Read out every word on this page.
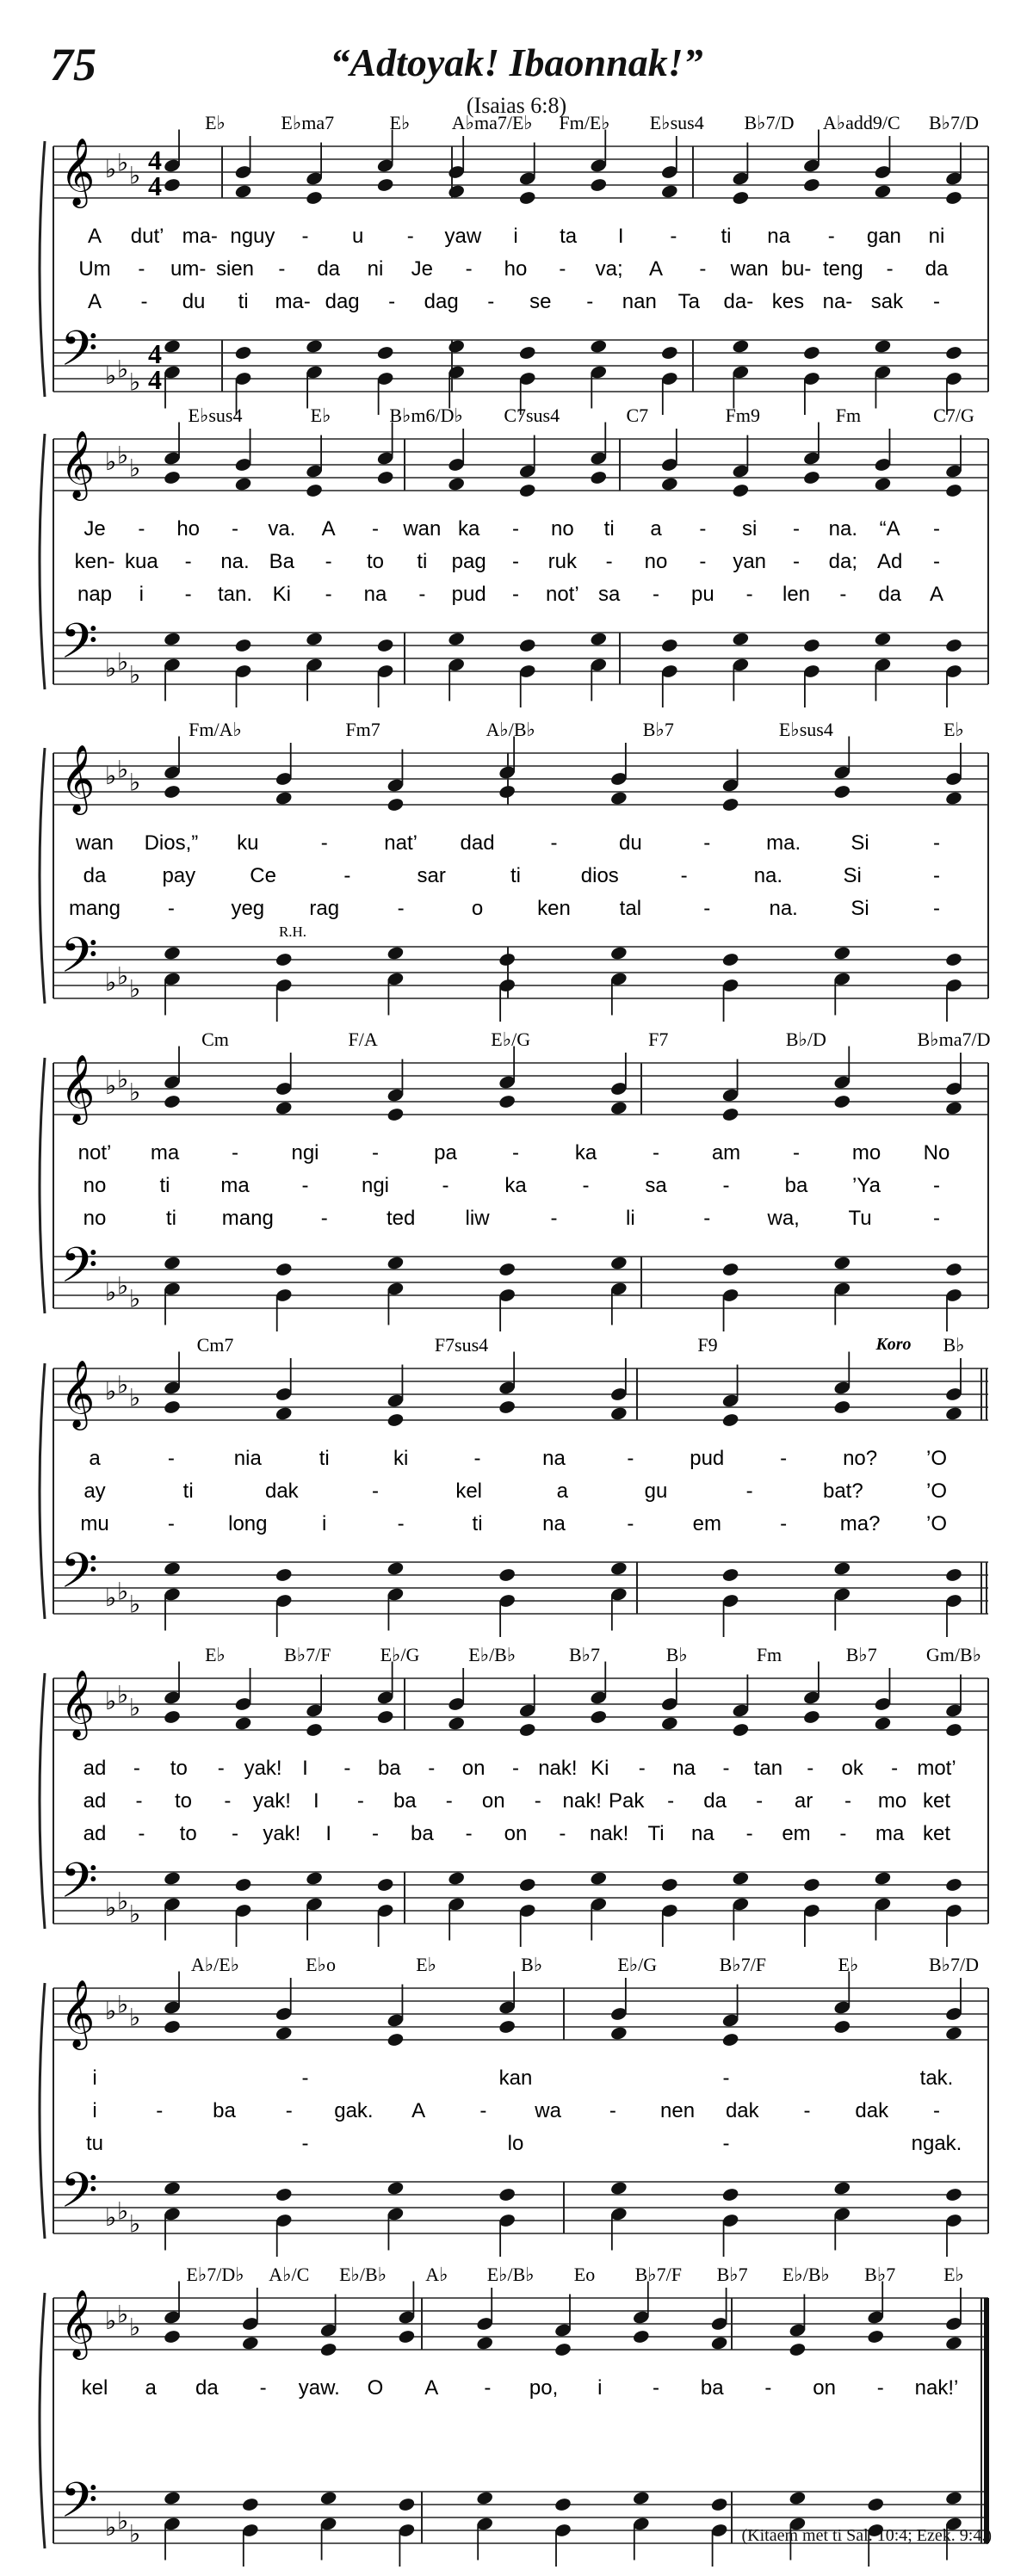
75	“Adtoyak! Ibaonnak!”
(Isaias 6:8)
𝄞
𝄢
♭
♭
♭
♭
♭
♭
4
4
4
4
E♭	E♭ma7	E♭ A♭ma7/E♭ Fm/E♭ E♭sus4 B♭7/D A♭add9/C B♭7/D
A dut’ ma- nguy - u - yaw i ta I - ti na - gan ni
Um - um- sien - da ni Je - ho - va; A - wan bu- teng - da
A - du ti ma- dag - dag - se - nan Ta da- kes na- sak -
𝄞
𝄢
♭
♭
♭
♭
♭
♭
E♭sus4	E♭	B♭m6/D♭ C7sus4	C7	Fm9	Fm	C7/G
Je - ho - va. A - wan ka - no ti a - si - na. “A -
ken- kua - na. Ba - to ti pag - ruk - no - yan - da; Ad -
nap i - tan. Ki - na - pud - not’ sa - pu - len - da A
𝄞
𝄢
♭
♭
♭
♭
♭
♭
Fm/A♭	Fm7	A♭/B♭	B♭7	E♭sus4	E♭
R.H.
wan Dios,” ku	-	nat’ dad	-	du	-	ma. Si	-
da	pay	Ce	-	sar	ti	dios	-	na.	Si	-
mang -	yeg rag	-	o	ken tal	-	na.	Si	-
𝄞
𝄢
♭
♭
♭
♭
♭
♭
Cm	F/A	E♭/G	F7	B♭/D	B♭ma7/D
not’ ma	-	ngi	-	pa	-	ka	-	am	-	mo No
no	ti ma	-	ngi	-	ka	-	sa	-	ba ’Ya	-
no	ti mang -	ted liw	-	li	-	wa, Tu	-
𝄞
𝄢
♭
♭
♭
♭
♭
♭
Cm7	F7sus4	F9	B♭
Koro
a	-	nia	ti	ki	-	na	-	pud	-	no? ’O
ay	ti	dak	-	kel	a	gu	-	bat?	’O
mu	-	long	i	-	ti	na	-	em	-	ma? ’O
𝄞
𝄢
♭
♭
♭
♭
♭
♭
E♭	B♭7/F	E♭/G	E♭/B♭	B♭7	B♭	Fm	B♭7	Gm/B♭
ad - to - yak! I - ba - on - nak! Ki - na - tan - ok - mot’
ad - to - yak! I - ba - on - nak! Pak - da - ar - mo ket
ad - to - yak! I - ba - on - nak! Ti na - em - ma ket
𝄞
𝄢
♭
♭
♭
♭
♭
♭
A♭/E♭	E♭o	E♭	B♭	E♭/G	B♭7/F	E♭	B♭7/D
i	-	kan	-	tak.
i	- ba - gak. A	- wa - nen dak - dak -
tu	-	lo	-	ngak.
𝄞
𝄢
♭
♭
♭
♭
♭
♭
E♭7/D♭ A♭/C E♭/B♭ A♭ E♭/B♭ Eo B♭7/F B♭7 E♭/B♭ B♭7	E♭
kel a da - yaw. O A - po, i - ba - on - nak!’
(Kitaem met ti Sal. 10:4; Ezek. 9:4.)
